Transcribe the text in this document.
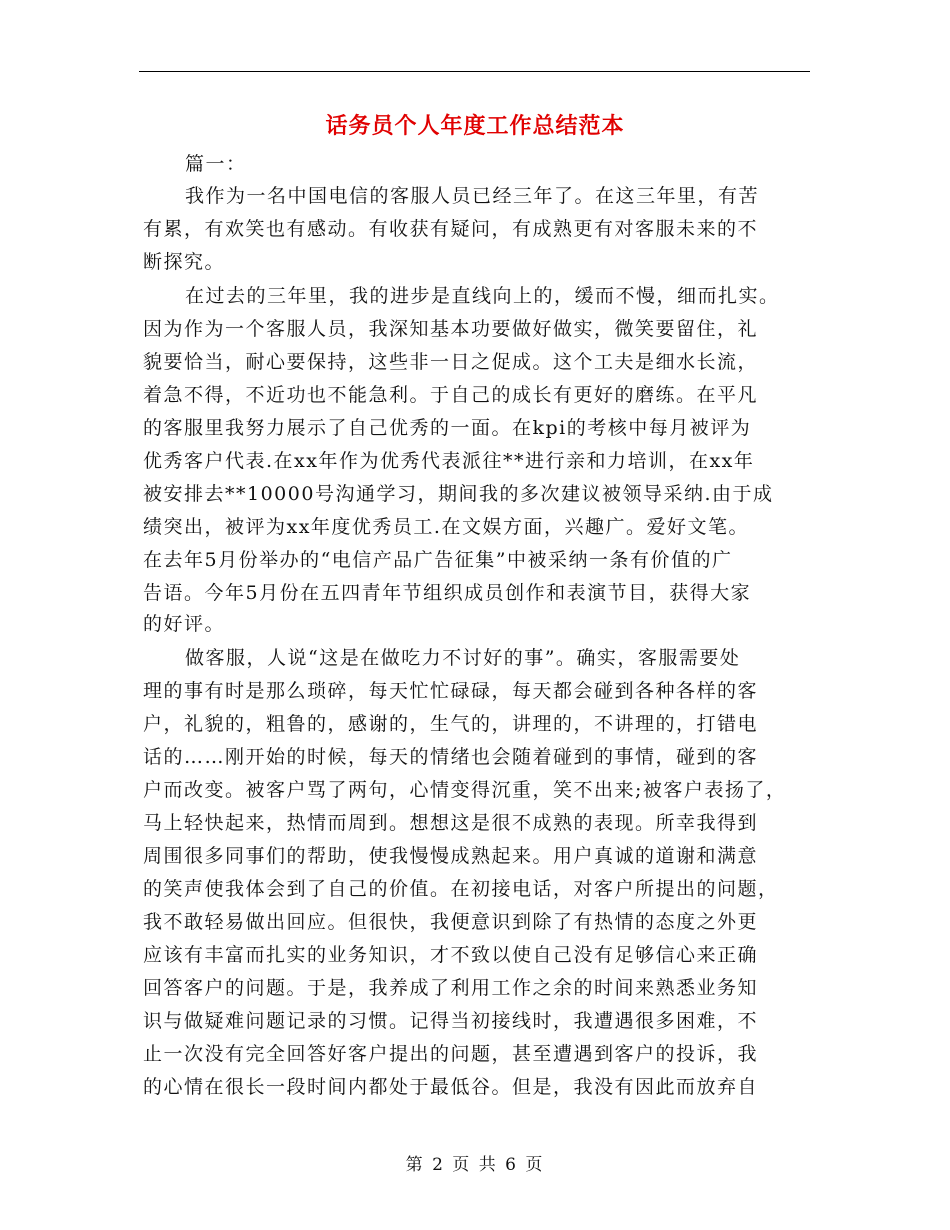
话务员个人年度工作总结范本
篇一：
我作为一名中国电信的客服人员已经三年了。在这三年里，有苦
有累，有欢笑也有感动。有收获有疑问，有成熟更有对客服未来的不
断探究。
在过去的三年里，我的进步是直线向上的，缓而不慢，细而扎实。
因为作为一个客服人员，我深知基本功要做好做实，微笑要留住，礼
貌要恰当，耐心要保持，这些非一日之促成。这个工夫是细水长流，
着急不得，不近功也不能急利。于自己的成长有更好的磨练。在平凡
的客服里我努力展示了自己优秀的一面。在kpi的考核中每月被评为
优秀客户代表.在xx年作为优秀代表派往**进行亲和力培训，在xx年
被安排去**10000号沟通学习，期间我的多次建议被领导采纳.由于成
绩突出，被评为xx年度优秀员工.在文娱方面，兴趣广。爱好文笔。
在去年5月份举办的“电信产品广告征集”中被采纳一条有价值的广
告语。今年5月份在五四青年节组织成员创作和表演节目，获得大家
的好评。
做客服，人说“这是在做吃力不讨好的事”。确实，客服需要处
理的事有时是那么琐碎，每天忙忙碌碌，每天都会碰到各种各样的客
户，礼貌的，粗鲁的，感谢的，生气的，讲理的，不讲理的，打错电
话的……刚开始的时候，每天的情绪也会随着碰到的事情，碰到的客
户而改变。被客户骂了两句，心情变得沉重，笑不出来;被客户表扬了，
马上轻快起来，热情而周到。想想这是很不成熟的表现。所幸我得到
周围很多同事们的帮助，使我慢慢成熟起来。用户真诚的道谢和满意
的笑声使我体会到了自己的价值。在初接电话，对客户所提出的问题，
我不敢轻易做出回应。但很快，我便意识到除了有热情的态度之外更
应该有丰富而扎实的业务知识，才不致以使自己没有足够信心来正确
回答客户的问题。于是，我养成了利用工作之余的时间来熟悉业务知
识与做疑难问题记录的习惯。记得当初接线时，我遭遇很多困难，不
止一次没有完全回答好客户提出的问题，甚至遭遇到客户的投诉，我
的心情在很长一段时间内都处于最低谷。但是，我没有因此而放弃自
第 2 页 共 6 页
